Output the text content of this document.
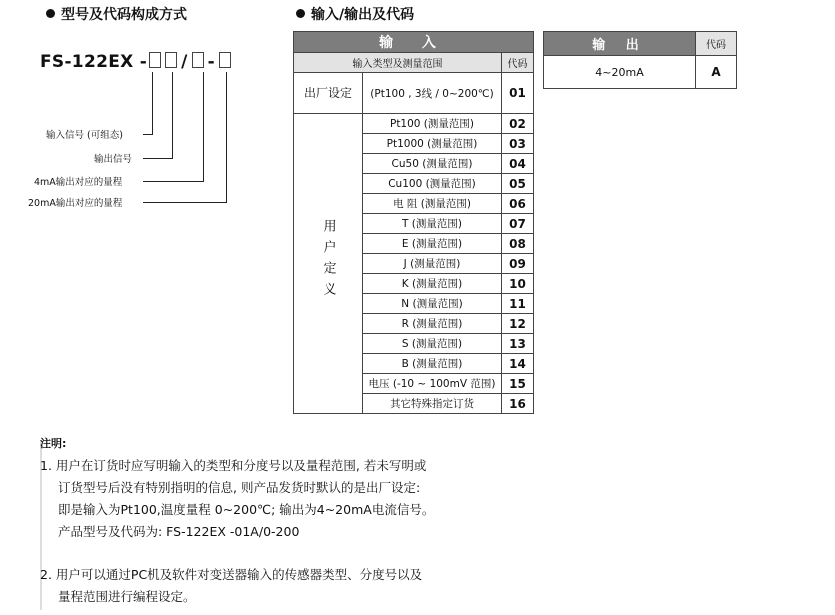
型号及代码构成方式	输入/输出及代码
FS-122EX - / -
输入信号 (可组态)
输出信号
4mA输出对应的量程
20mA输出对应的量程
输 入		
输入类型及测量范围		代码
出厂设定	(Pt100 , 3线 / 0~200℃)	01
用户定义	Pt100 (测量范围)	02
	Pt1000 (测量范围)	03
	Cu50 (测量范围)	04
	Cu100 (测量范围)	05
	电 阻 (测量范围)	06
	T (测量范围)	07
	E (测量范围)	08
	J (测量范围)	09
	K (测量范围)	10
	N (测量范围)	11
	R (测量范围)	12
	S (测量范围)	13
	B (测量范围)	14
	电压 (-10 ~ 100mV 范围)	15
	其它特殊指定订货	16
输 出	代码
4~20mA	A
注明:
1. 用户在订货时应写明输入的类型和分度号以及量程范围, 若未写明或
订货型号后没有特别指明的信息, 则产品发货时默认的是出厂设定:
即是输入为Pt100,温度量程 0~200℃; 输出为4~20mA电流信号。
产品型号及代码为: FS-122EX -01A/0-200
2. 用户可以通过PC机及软件对变送器输入的传感器类型、分度号以及
量程范围进行编程设定。
